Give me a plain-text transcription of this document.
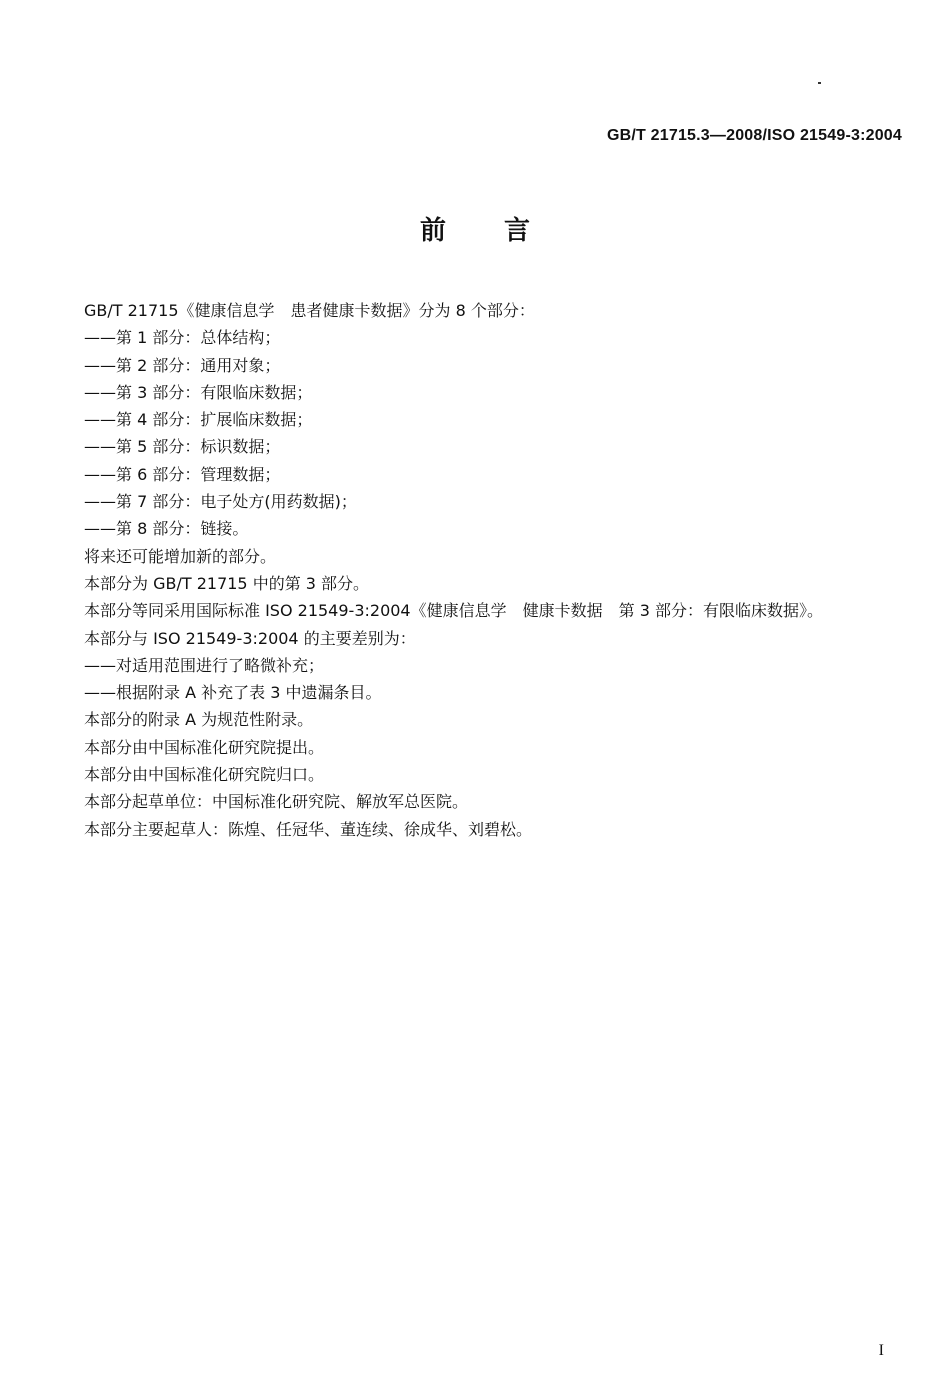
GB/T 21715.3—2008/ISO 21549-3:2004
前言
GB/T 21715《健康信息学　患者健康卡数据》分为 8 个部分：
——第 1 部分：总体结构；
——第 2 部分：通用对象；
——第 3 部分：有限临床数据；
——第 4 部分：扩展临床数据；
——第 5 部分：标识数据；
——第 6 部分：管理数据；
——第 7 部分：电子处方(用药数据)；
——第 8 部分：链接。
将来还可能增加新的部分。
本部分为 GB/T 21715 中的第 3 部分。
本部分等同采用国际标准 ISO 21549-3:2004《健康信息学　健康卡数据　第 3 部分：有限临床数据》。
本部分与 ISO 21549-3:2004 的主要差别为：
——对适用范围进行了略微补充；
——根据附录 A 补充了表 3 中遗漏条目。
本部分的附录 A 为规范性附录。
本部分由中国标准化研究院提出。
本部分由中国标准化研究院归口。
本部分起草单位：中国标准化研究院、解放军总医院。
本部分主要起草人：陈煌、任冠华、董连续、徐成华、刘碧松。
I
